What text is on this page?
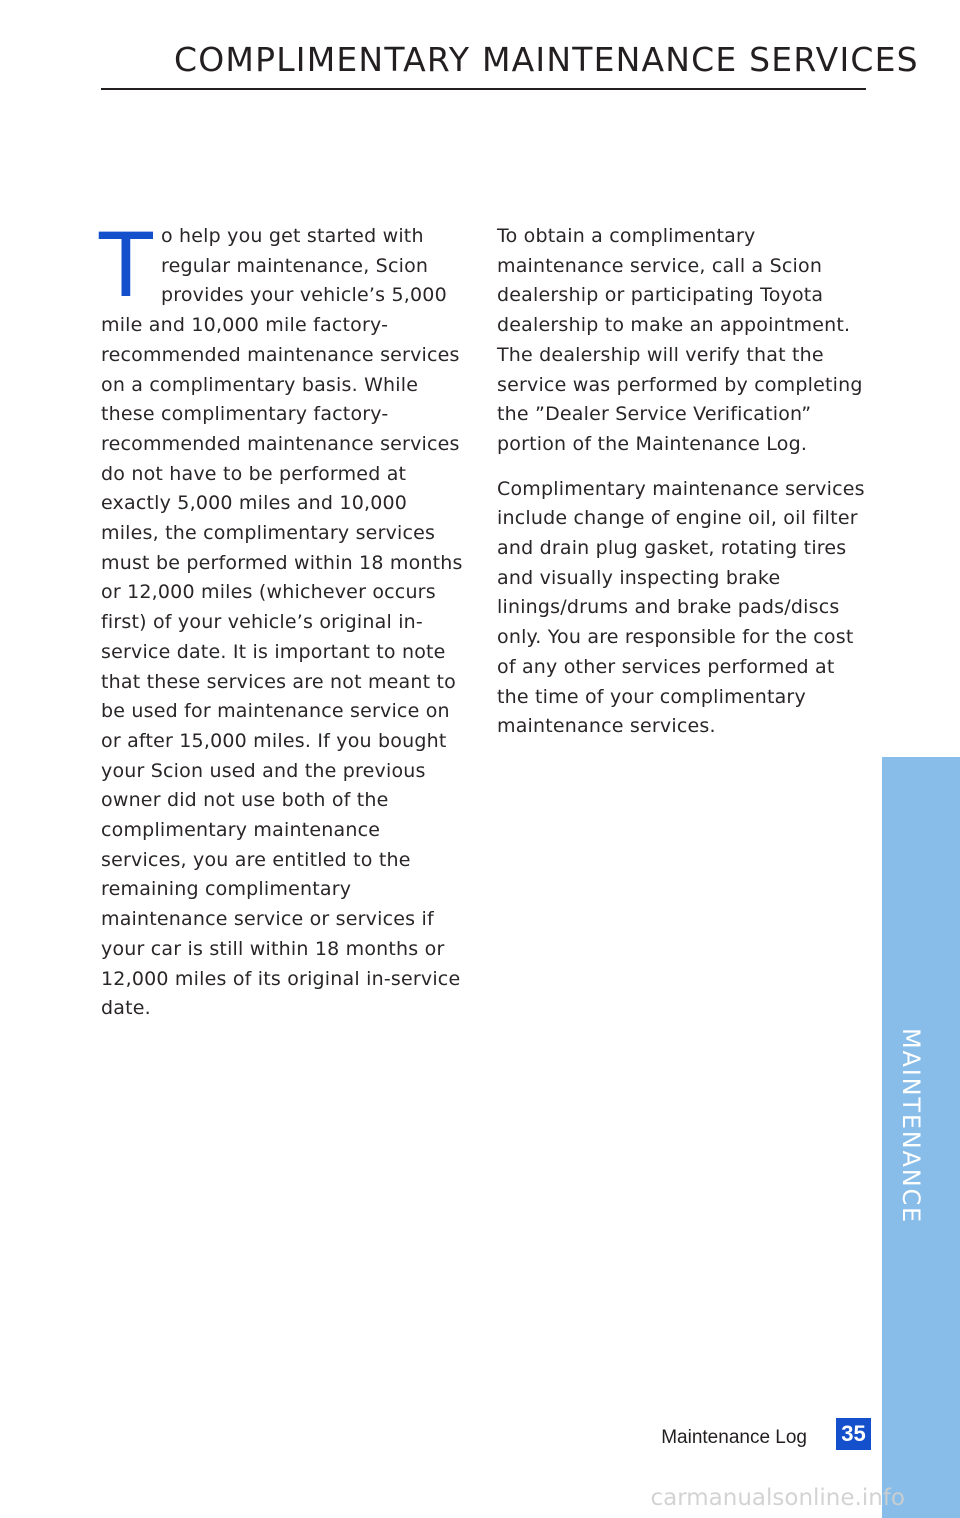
COMPLIMENTARY MAINTENANCE SERVICES

To help you get started with regular maintenance, Scion provides your vehicle’s 5,000 mile and 10,000 mile factory-recommended maintenance services on a complimentary basis. While these complimentary factory-recommended maintenance services do not have to be performed at exactly 5,000 miles and 10,000 miles, the complimentary services must be performed within 18 months or 12,000 miles (whichever occurs first) of your vehicle’s original in-service date. It is important to note that these services are not meant to be used for maintenance service on or after 15,000 miles. If you bought your Scion used and the previous owner did not use both of the complimentary maintenance services, you are entitled to the remaining complimentary maintenance service or services if your car is still within 18 months or 12,000 miles of its original in-service date.

To obtain a complimentary maintenance service, call a Scion dealership or participating Toyota dealership to make an appointment. The dealership will verify that the service was performed by completing the ”Dealer Service Verification” portion of the Maintenance Log.

Complimentary maintenance services include change of engine oil, oil filter and drain plug gasket, rotating tires and visually inspecting brake linings/drums and brake pads/discs only. You are responsible for the cost of any other services performed at the time of your complimentary maintenance services.

MAINTENANCE
Maintenance Log 35
carmanualsonline.info
